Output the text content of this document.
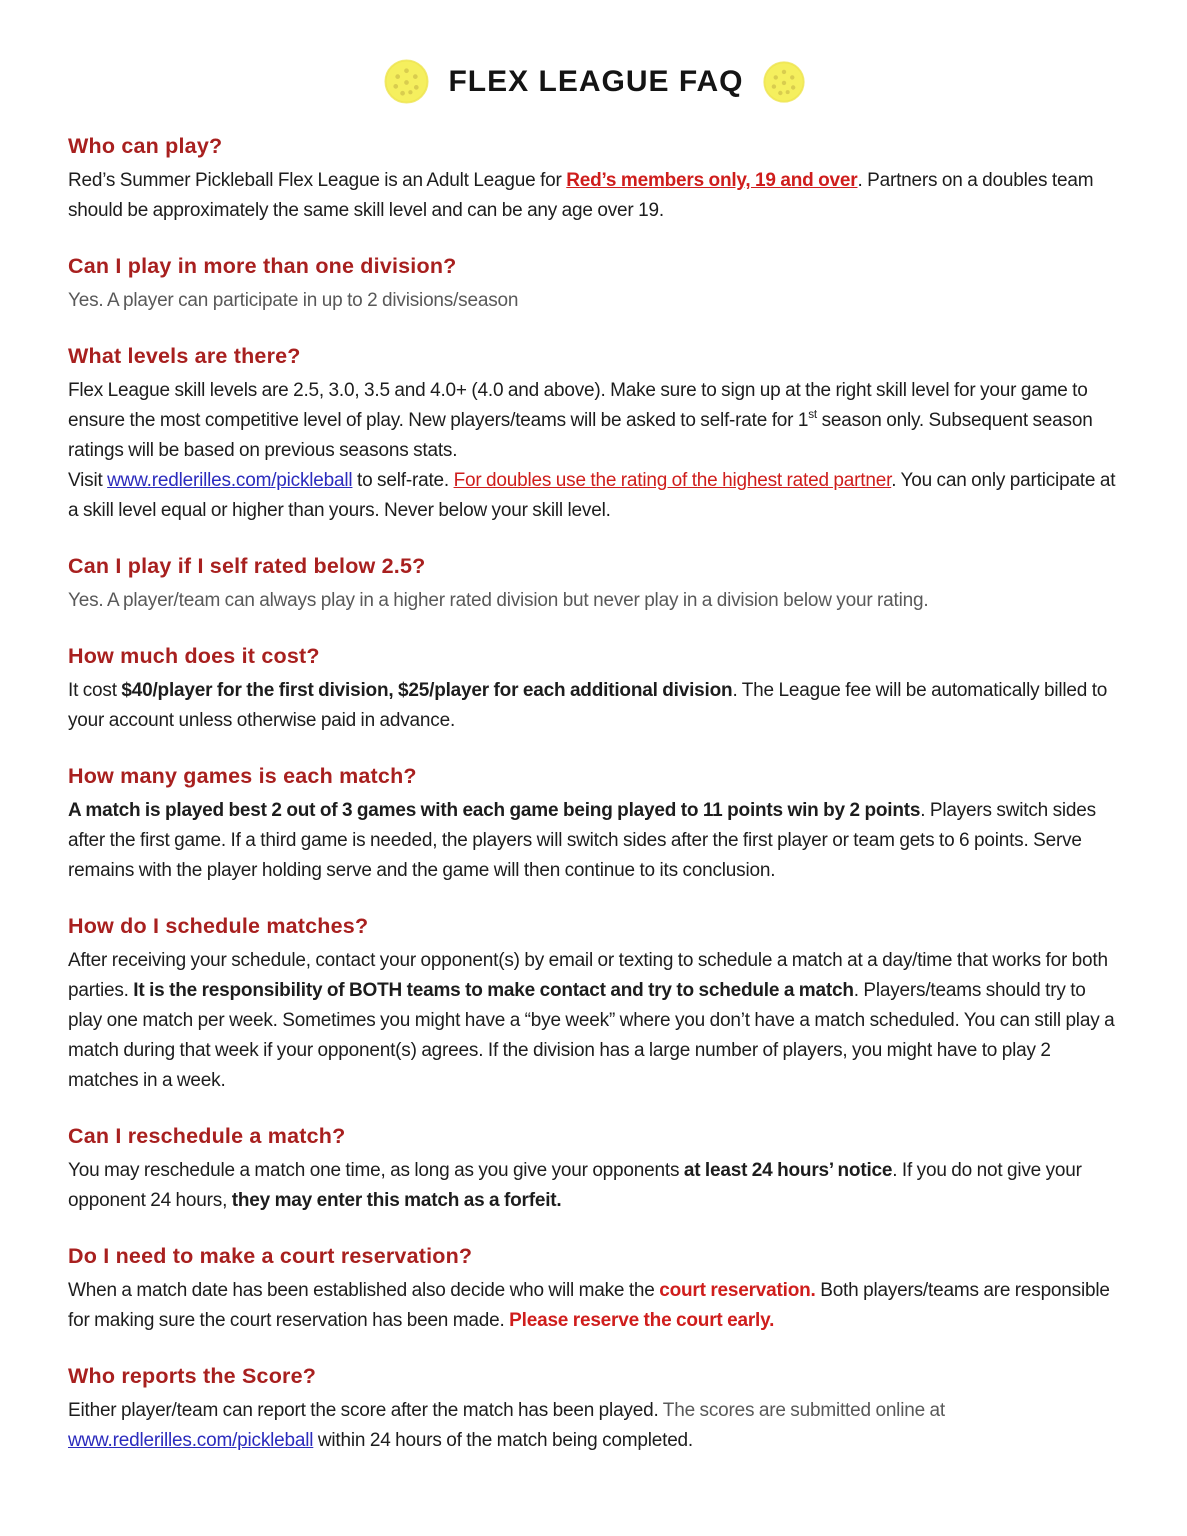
FLEX LEAGUE FAQ
Who can play?

Red’s Summer Pickleball Flex League is an Adult League for Red’s members only, 19 and over. Partners on a doubles team should be approximately the same skill level and can be any age over 19.

Can I play in more than one division?

Yes. A player can participate in up to 2 divisions/season

What levels are there?

Flex League skill levels are 2.5, 3.0, 3.5 and 4.0+ (4.0 and above). Make sure to sign up at the right skill level for your game to ensure the most competitive level of play. New players/teams will be asked to self-rate for 1st season only. Subsequent season ratings will be based on previous seasons stats.

Visit www.redlerilles.com/pickleball to self-rate. For doubles use the rating of the highest rated partner. You can only participate at a skill level equal or higher than yours. Never below your skill level.

Can I play if I self rated below 2.5?

Yes. A player/team can always play in a higher rated division but never play in a division below your rating.

How much does it cost?

It cost $40/player for the first division, $25/player for each additional division. The League fee will be automatically billed to your account unless otherwise paid in advance.

How many games is each match?

A match is played best 2 out of 3 games with each game being played to 11 points win by 2 points. Players switch sides after the first game. If a third game is needed, the players will switch sides after the first player or team gets to 6 points. Serve remains with the player holding serve and the game will then continue to its conclusion.

How do I schedule matches?

After receiving your schedule, contact your opponent(s) by email or texting to schedule a match at a day/time that works for both parties. It is the responsibility of BOTH teams to make contact and try to schedule a match. Players/teams should try to play one match per week. Sometimes you might have a “bye week” where you don’t have a match scheduled. You can still play a match during that week if your opponent(s) agrees. If the division has a large number of players, you might have to play 2 matches in a week.

Can I reschedule a match?

You may reschedule a match one time, as long as you give your opponents at least 24 hours’ notice. If you do not give your opponent 24 hours, they may enter this match as a forfeit.

Do I need to make a court reservation?

When a match date has been established also decide who will make the court reservation. Both players/teams are responsible for making sure the court reservation has been made. Please reserve the court early.

Who reports the Score?

Either player/team can report the score after the match has been played. The scores are submitted online at www.redlerilles.com/pickleball within 24 hours of the match being completed.
